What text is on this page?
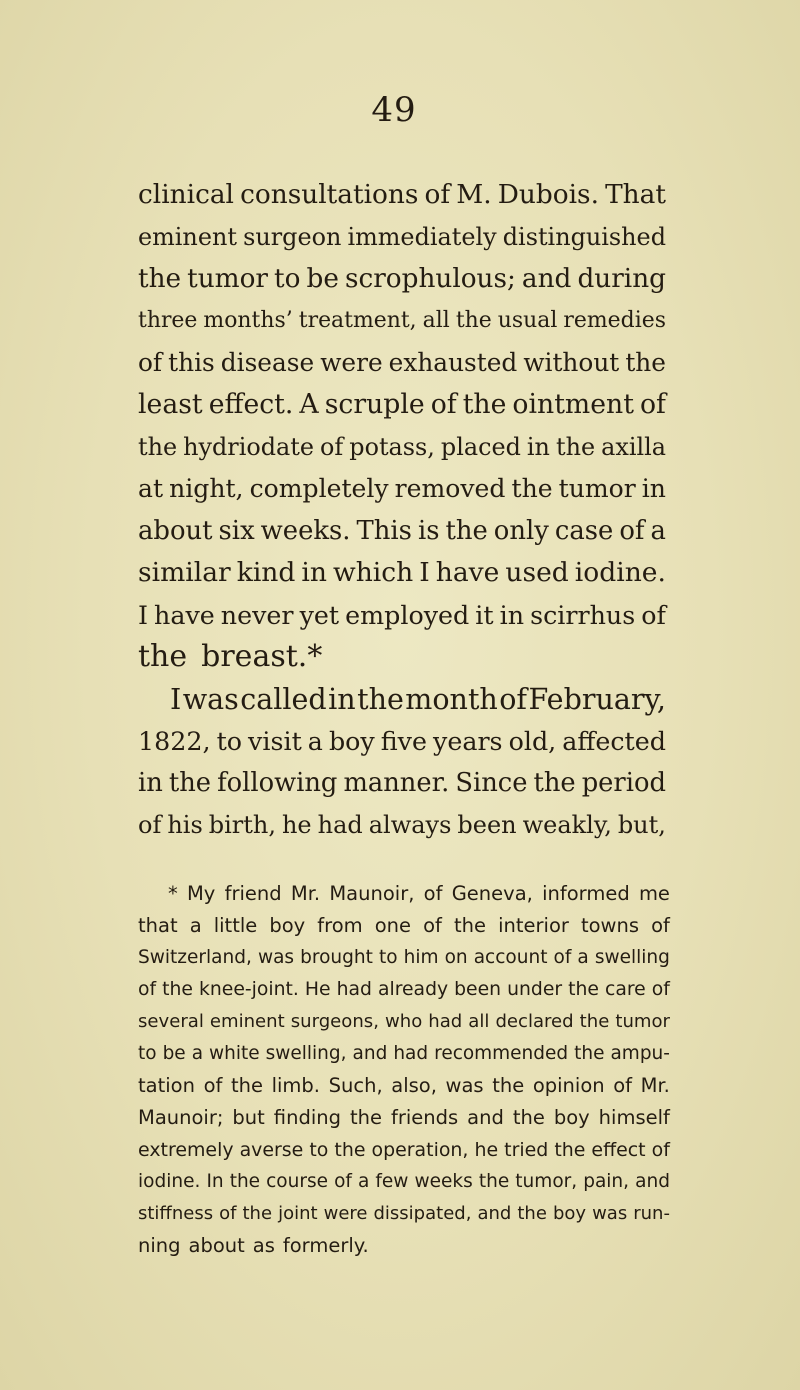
49
clinical consultations of M. Dubois. That
eminent surgeon immediately distinguished
the tumor to be scrophulous; and during
three months’ treatment, all the usual remedies
of this disease were exhausted without the
least effect. A scruple of the ointment of
the hydriodate of potass, placed in the axilla
at night, completely removed the tumor in
about six weeks. This is the only case of a
similar kind in which I have used iodine.
I have never yet employed it in scirrhus of
the breast.*
I was called in the month of February,
1822, to visit a boy five years old, affected
in the following manner. Since the period
of his birth, he had always been weakly, but,
* My friend Mr. Maunoir, of Geneva, informed me
that a little boy from one of the interior towns of
Switzerland, was brought to him on account of a swelling
of the knee-joint. He had already been under the care of
several eminent surgeons, who had all declared the tumor
to be a white swelling, and had recommended the ampu-
tation of the limb. Such, also, was the opinion of Mr.
Maunoir; but finding the friends and the boy himself
extremely averse to the operation, he tried the effect of
iodine. In the course of a few weeks the tumor, pain, and
stiffness of the joint were dissipated, and the boy was run-
ning about as formerly.
